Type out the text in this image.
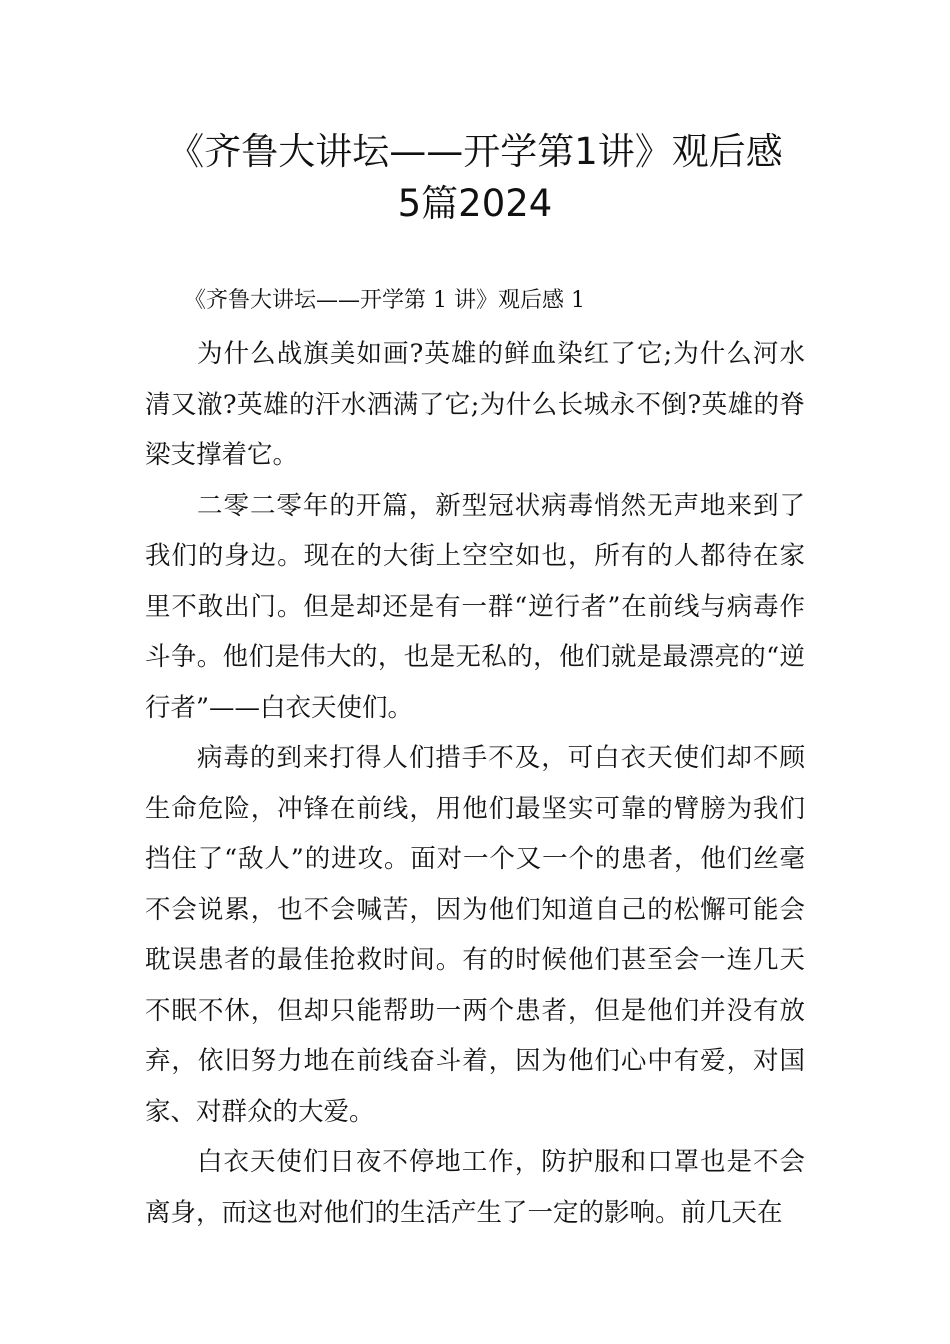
《齐鲁大讲坛——开学第1讲》观后感
5篇2024
《齐鲁大讲坛——开学第 1 讲》观后感 1

为什么战旗美如画?英雄的鲜血染红了它;为什么河水清又澈?英雄的汗水洒满了它;为什么长城永不倒?英雄的脊梁支撑着它。

二零二零年的开篇，新型冠状病毒悄然无声地来到了我们的身边。现在的大街上空空如也，所有的人都待在家里不敢出门。但是却还是有一群“逆行者”在前线与病毒作斗争。他们是伟大的，也是无私的，他们就是最漂亮的“逆行者”——白衣天使们。

病毒的到来打得人们措手不及，可白衣天使们却不顾生命危险，冲锋在前线，用他们最坚实可靠的臂膀为我们挡住了“敌人”的进攻。面对一个又一个的患者，他们丝毫不会说累，也不会喊苦，因为他们知道自己的松懈可能会耽误患者的最佳抢救时间。有的时候他们甚至会一连几天不眠不休，但却只能帮助一两个患者，但是他们并没有放弃，依旧努力地在前线奋斗着，因为他们心中有爱，对国家、对群众的大爱。

白衣天使们日夜不停地工作，防护服和口罩也是不会离身，而这也对他们的生活产生了一定的影响。前几天在
